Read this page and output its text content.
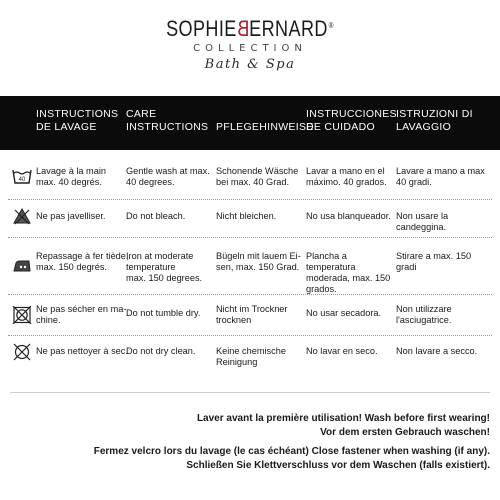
SOPHIEBERNARD®
COLLECTION
Bath & Spa
INSTRUCTIONS
DE LAVAGE
CARE
INSTRUCTIONS PFLEGEHINWEISE
INSTRUCCIONES
DE CUIDADO
ISTRUZIONI DI
LAVAGGIO
40
Lavage à la main
max. 40 degrés.
Gentle wash at max.
40 degrees.
Schonende Wäsche
bei max. 40 Grad.
Lavar a mano en el
máximo. 40 grados.
Lavare a mano a max
40 gradi.
Ne pas javelliser. Do not bleach.	Nicht bleichen.	No usa blanqueador. Non usare la
candeggina.
Repassage à fer tiède,
max. 150 degrés.
Iron at moderate
temperature
max. 150 degrees.
Bügeln mit lauem Ei-
sen, max. 150 Grad.
Plancha a
temperatura
moderada, max. 150
grados.
Stirare a max. 150
gradi
Ne pas sécher en ma-
chine.
Do not tumble dry. Nicht im Trockner
trocknen
No usar secadora. Non utilizzare
l'asciugatrice.
Ne pas nettoyer à sec.
Do not dry clean. Keine chemische
Reinigung
No lavar en seco. Non lavare a secco.
Laver avant la première utilisation! Wash before first wearing!
Vor dem ersten Gebrauch waschen!
Fermez velcro lors du lavage (le cas échéant) Close fastener when washing (if any).
Schließen Sie Klettverschluss vor dem Waschen (falls existiert).
